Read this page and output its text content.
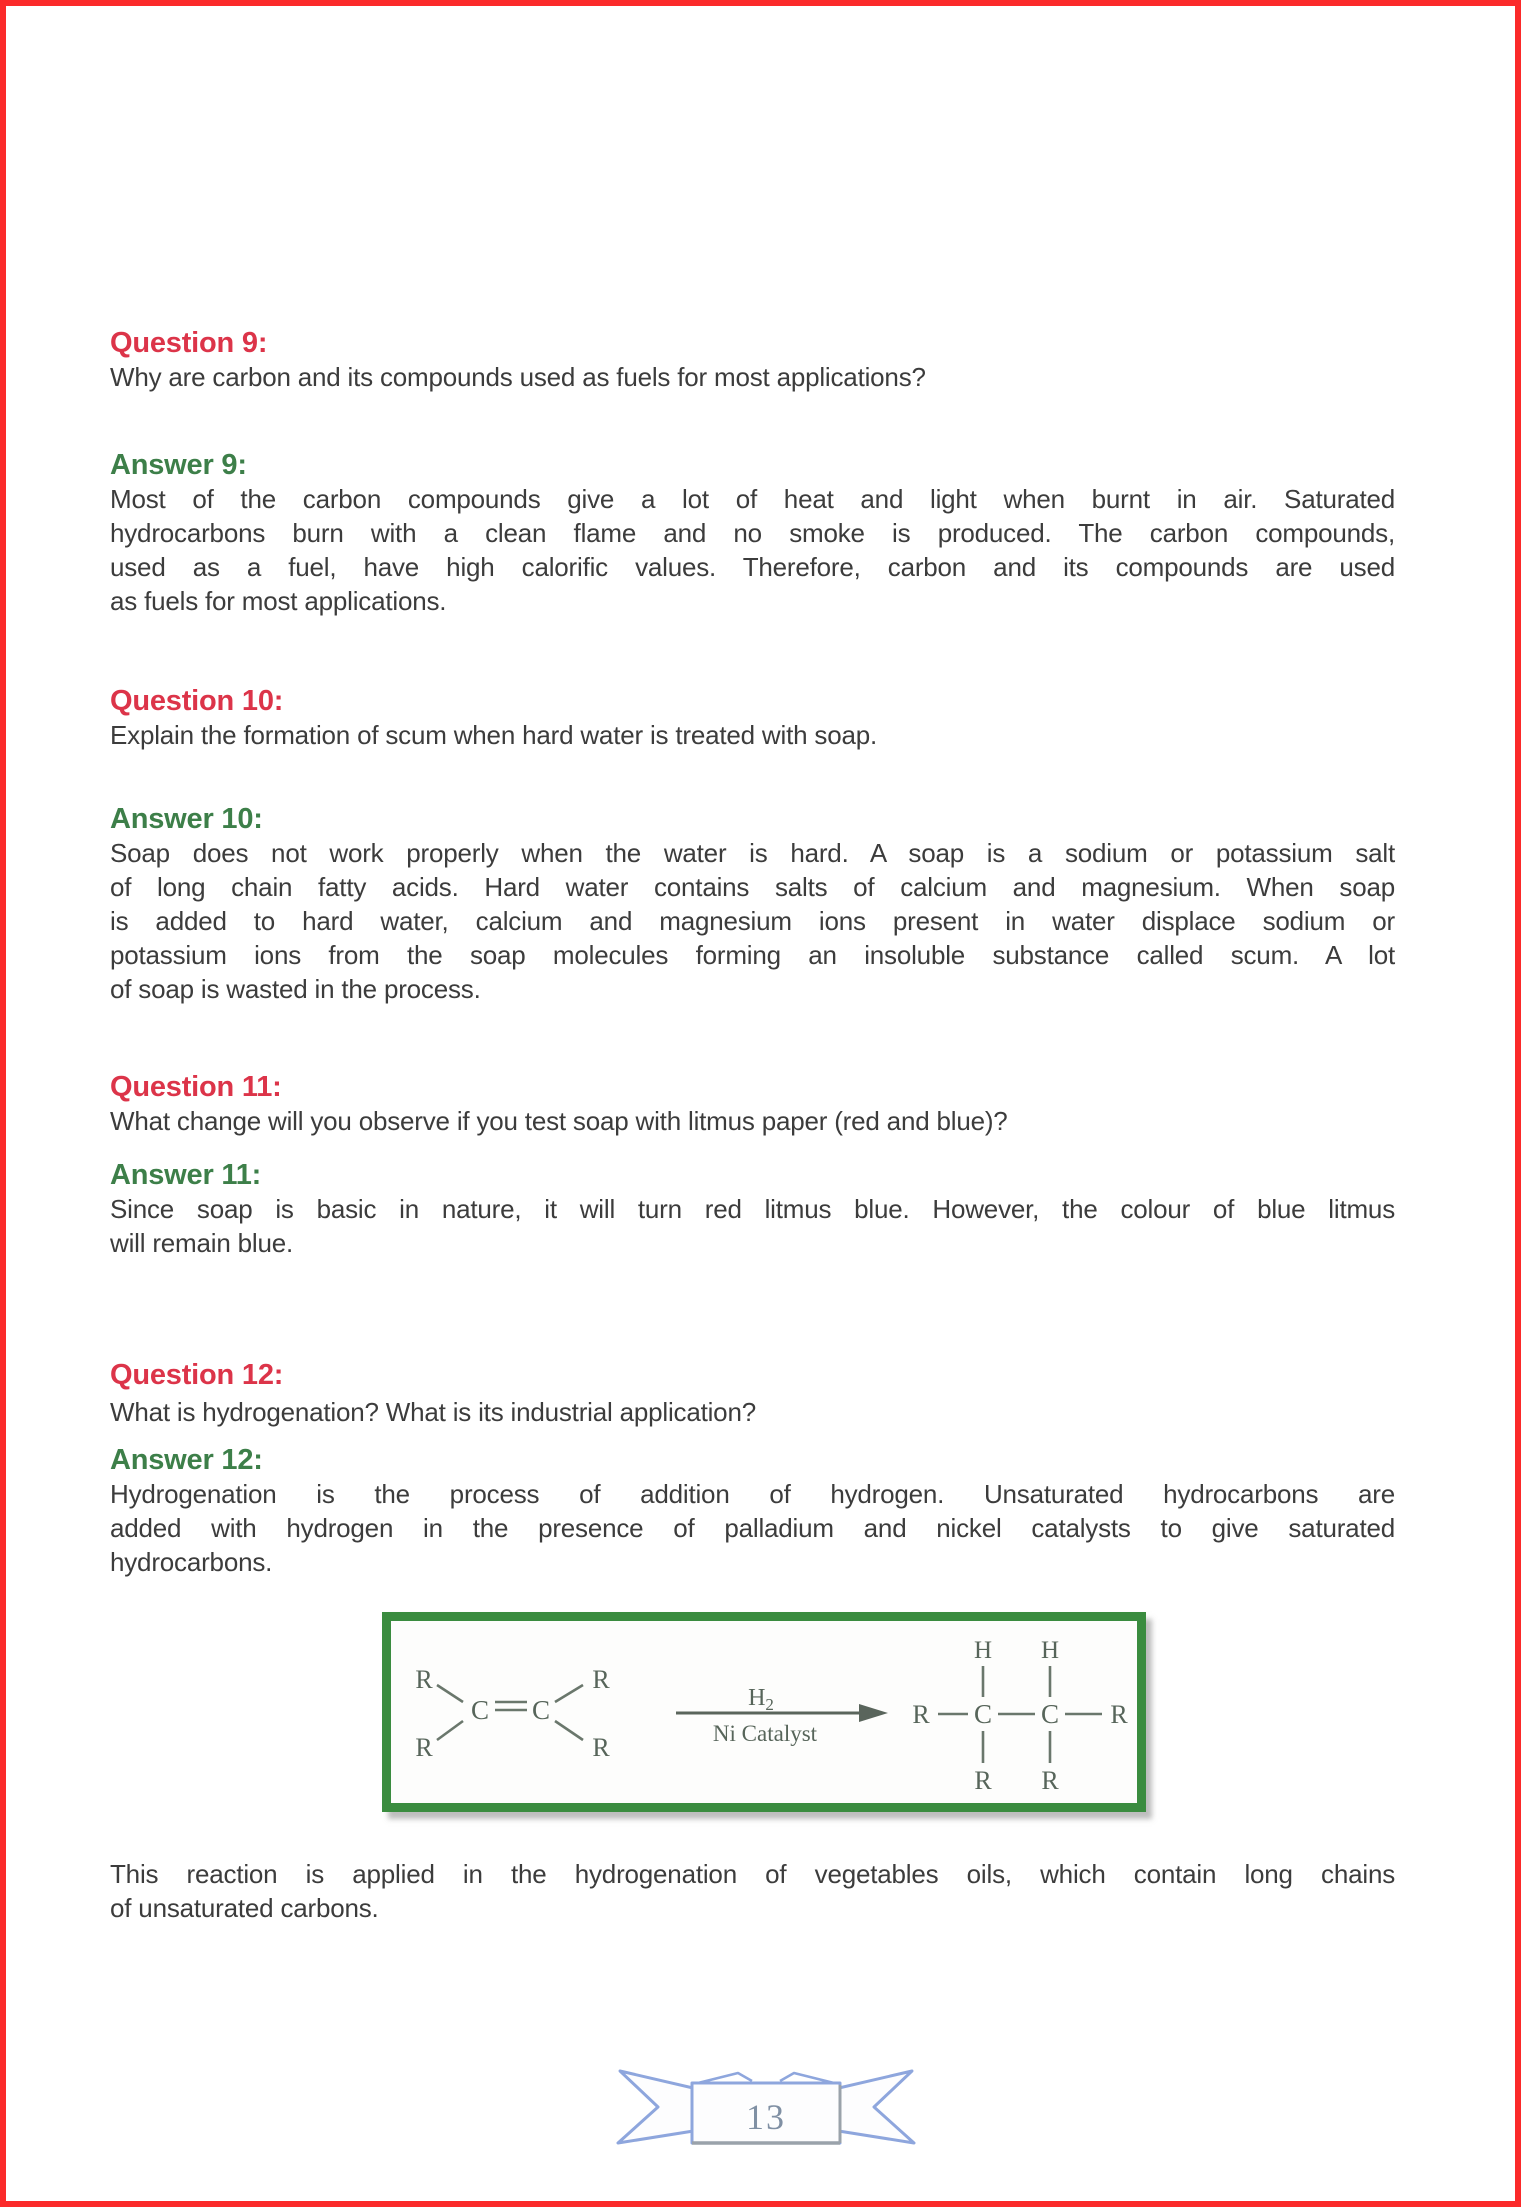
Question 9:
Why are carbon and its compounds used as fuels for most applications?
Answer 9:
Most of the carbon compounds give a lot of heat and light when burnt in air. Saturated
hydrocarbons burn with a clean flame and no smoke is produced. The carbon compounds,
used as a fuel, have high calorific values. Therefore, carbon and its compounds are used
as fuels for most applications.
Question 10:
Explain the formation of scum when hard water is treated with soap.
Answer 10:
Soap does not work properly when the water is hard. A soap is a sodium or potassium salt
of long chain fatty acids. Hard water contains salts of calcium and magnesium. When soap
is added to hard water, calcium and magnesium ions present in water displace sodium or
potassium ions from the soap molecules forming an insoluble substance called scum. A lot
of soap is wasted in the process.
Question 11:
What change will you observe if you test soap with litmus paper (red and blue)?
Answer 11:
Since soap is basic in nature, it will turn red litmus blue. However, the colour of blue litmus
will remain blue.
Question 12:
What is hydrogenation? What is its industrial application?
Answer 12:
Hydrogenation is the process of addition of hydrogen. Unsaturated hydrocarbons are
added with hydrogen in the presence of palladium and nickel catalysts to give saturated
hydrocarbons.
R
R
C C
R
R
$H_2$
Ni Catalyst
H H
R C C R
R R
This reaction is applied in the hydrogenation of vegetables oils, which contain long chains
of unsaturated carbons.
13
